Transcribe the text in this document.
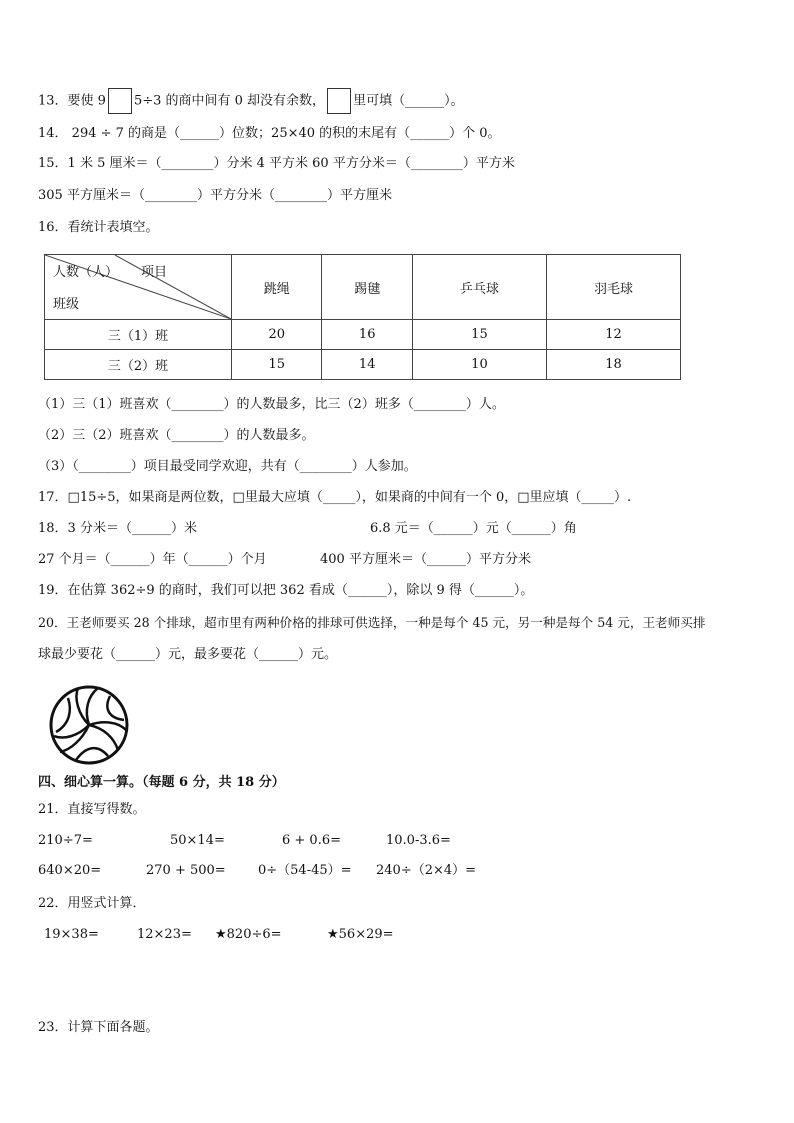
13．要使 9 5÷3 的商中间有 0 却没有余数， 里可填（______）。
14． 294 ÷ 7 的商是（______）位数；25×40 的积的末尾有（______）个 0。
15．1 米 5 厘米＝（________）分米 4 平方米 60 平方分米＝（________）平方米
305 平方厘米＝（________）平方分米（________）平方厘米
16．看统计表填空。
人数（人） 项目
班级	跳绳	踢毽	乒乓球	羽毛球
三（1）班	20	16	15	12
三（2）班	15	14	10	18
（1）三（1）班喜欢（________）的人数最多，比三（2）班多（________）人。
（2）三（2）班喜欢（________）的人数最多。
（3）（________）项目最受同学欢迎，共有（________）人参加。
17．□15÷5，如果商是两位数，□里最大应填（_____），如果商的中间有一个 0，□里应填（_____）.
18．3 分米＝（______）米	6.8 元＝（______）元（______）角
27 个月＝（______）年（______）个月	400 平方厘米＝（______）平方分米
19．在估算 362÷9 的商时，我们可以把 362 看成（______），除以 9 得（______）。
20．王老师要买 28 个排球，超市里有两种价格的排球可供选择，一种是每个 45 元，另一种是每个 54 元，王老师买排
球最少要花（______）元，最多要花（______）元。
四、细心算一算。（每题 6 分，共 18 分）
21．直接写得数。
210÷7=	50×14=	6 + 0.6=	10.0-3.6=
640×20=	270 + 500= 0÷（54-45）= 240÷（2×4）=
22．用竖式计算．
19×38=	12×23= ★820÷6=	★56×29=
23．计算下面各题。
